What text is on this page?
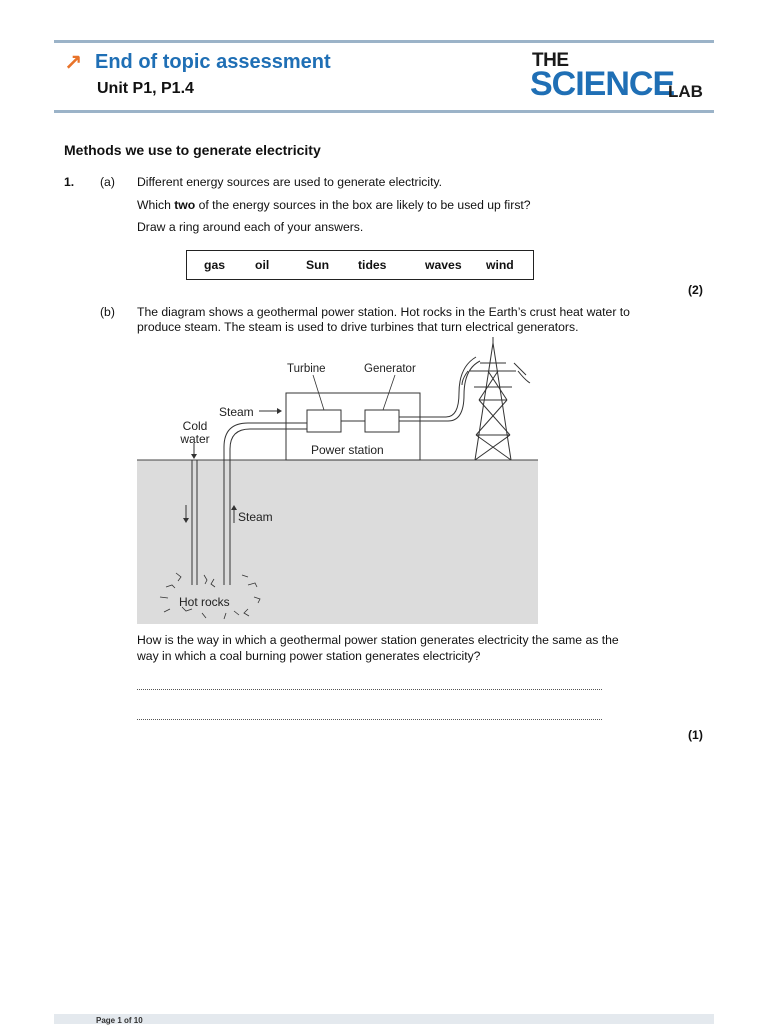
↗ End of topic assessment
Unit P1, P1.4
THE
SCIENCE
LAB
Methods we use to generate electricity
1. (a) Different energy sources are used to generate electricity.
Which two of the energy sources in the box are likely to be used up first?
Draw a ring around each of your answers.
gas oil	Sun tides	waves wind
(2)
(b) The diagram shows a geothermal power station. Hot rocks in the Earth’s crust heat water to
produce steam. The steam is used to drive turbines that turn electrical generators.
Turbine	Generator
Steam
Cold
water
Power station
Steam
Hot rocks
How is the way in which a geothermal power station generates electricity the same as the
way in which a coal burning power station generates electricity?
(1)
Page 1 of 10
